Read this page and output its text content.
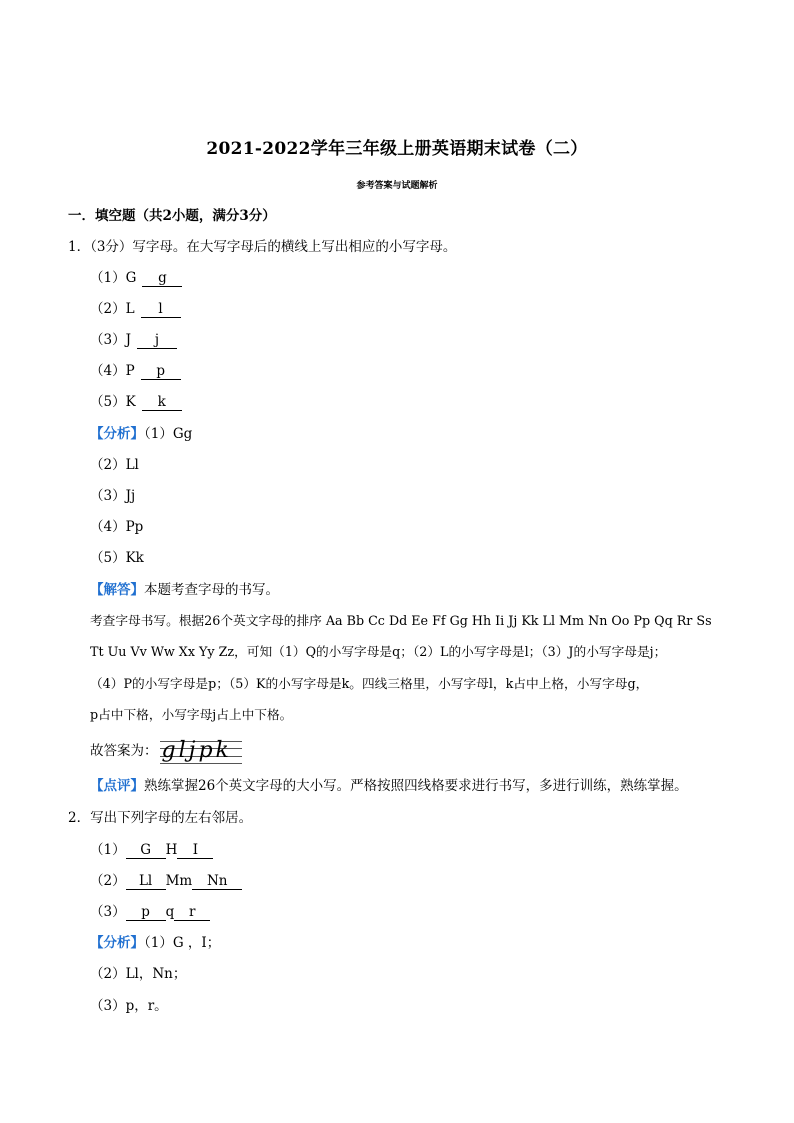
2021-2022学年三年级上册英语期末试卷（二）
参考答案与试题解析
一．填空题（共2小题，满分3分）
1．（3分）写字母。在大写字母后的横线上写出相应的小写字母。
（1）G g
（2）L l
（3）J j
（4）P p
（5）K k
【分析】（1）Gg
（2）Ll
（3）Jj
（4）Pp
（5）Kk
【解答】本题考查字母的书写。
考查字母书写。根据26个英文字母的排序 Aa Bb Cc Dd Ee Ff Gg Hh Ii Jj Kk Ll Mm Nn Oo Pp Qq Rr Ss
Tt Uu Vv Ww Xx Yy Zz，可知（1）Q的小写字母是q；（2）L的小写字母是l；（3）J的小写字母是j；
（4）P的小写字母是p；（5）K的小写字母是k。四线三格里，小写字母l，k占中上格，小写字母g，
p占中下格，小写字母j占上中下格。
故答案为： gljpk
【点评】熟练掌握26个英文字母的大小写。严格按照四线格要求进行书写，多进行训练，熟练掌握。
2．写出下列字母的左右邻居。
（1） G H I
（2） Ll Mm Nn
（3） p q r
【分析】（1）G ，I；
（2）Ll，Nn；
（3）p，r。
